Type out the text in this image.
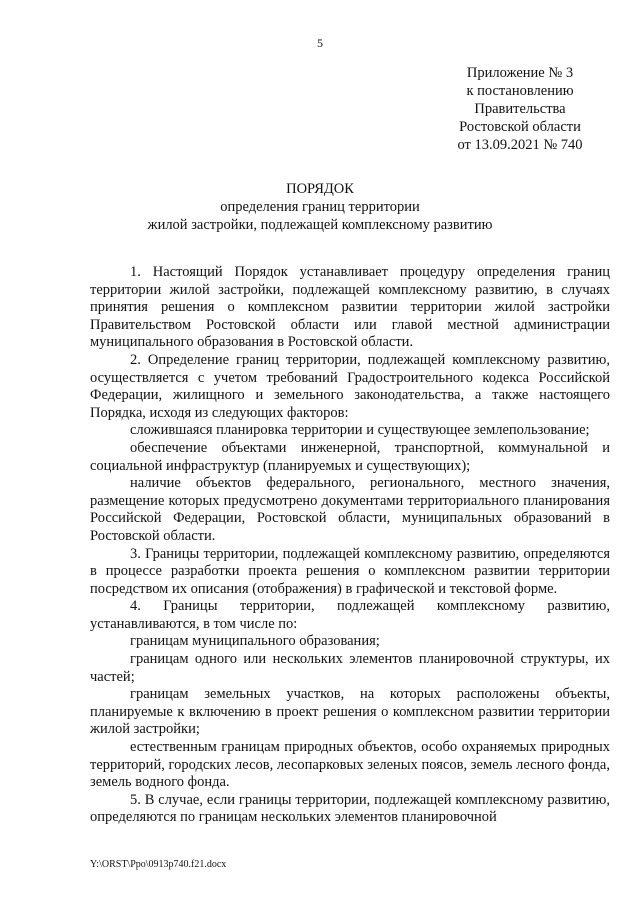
5
Приложение № 3
к постановлению
Правительства
Ростовской области
от 13.09.2021 № 740
ПОРЯДОК
определения границ территории
жилой застройки, подлежащей комплексному развитию

1. Настоящий Порядок устанавливает процедуру определения границ территории жилой застройки, подлежащей комплексному развитию, в случаях принятия решения о комплексном развитии территории жилой застройки Правительством Ростовской области или главой местной администрации муниципального образования в Ростовской области.

2. Определение границ территории, подлежащей комплексному развитию, осуществляется с учетом требований Градостроительного кодекса Российской Федерации, жилищного и земельного законодательства, а также настоящего Порядка, исходя из следующих факторов:

сложившаяся планировка территории и существующее землепользование;

обеспечение объектами инженерной, транспортной, коммунальной и социальной инфраструктур (планируемых и существующих);

наличие объектов федерального, регионального, местного значения, размещение которых предусмотрено документами территориального планирования Российской Федерации, Ростовской области, муниципальных образований в Ростовской области.

3. Границы территории, подлежащей комплексному развитию, определяются в процессе разработки проекта решения о комплексном развитии территории посредством их описания (отображения) в графической и текстовой форме.

4. Границы территории, подлежащей комплексному развитию, устанавливаются, в том числе по:

границам муниципального образования;

границам одного или нескольких элементов планировочной структуры, их частей;

границам земельных участков, на которых расположены объекты, планируемые к включению в проект решения о комплексном развитии территории жилой застройки;

естественным границам природных объектов, особо охраняемых природных территорий, городских лесов, лесопарковых зеленых поясов, земель лесного фонда, земель водного фонда.

5. В случае, если границы территории, подлежащей комплексному развитию, определяются по границам нескольких элементов планировочной

Y:\ORST\Ppo\0913p740.f21.docx
